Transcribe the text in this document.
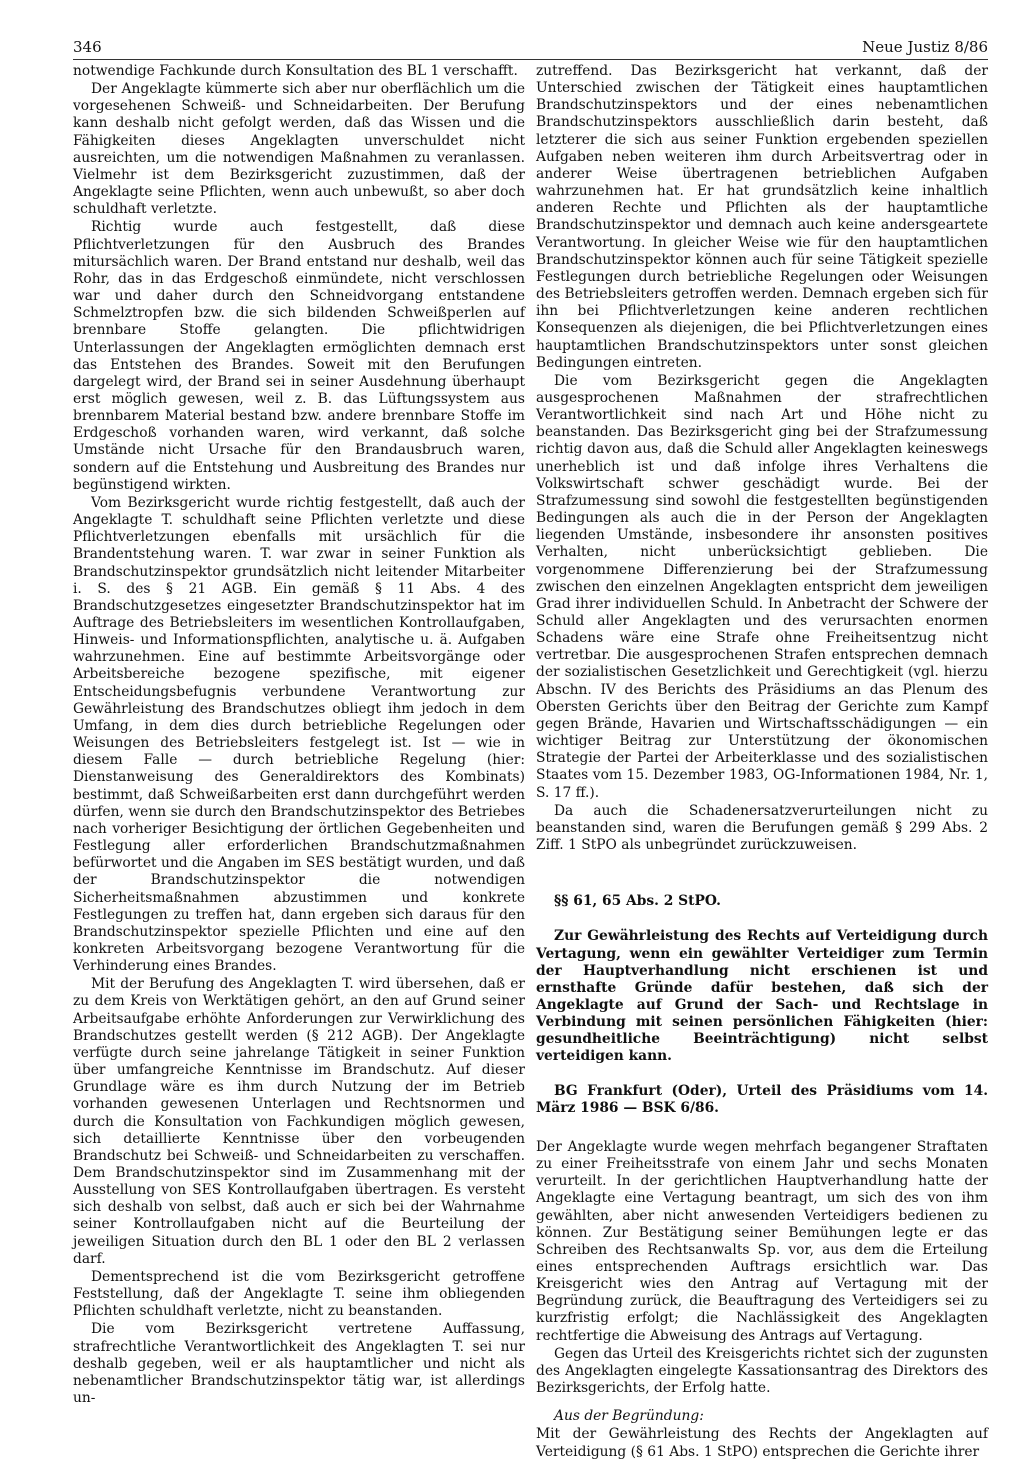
346	Neue Justiz 8/86

notwendige Fachkunde durch Konsultation des BL 1 verschafft.

Der Angeklagte kümmerte sich aber nur oberflächlich um die vorgesehenen Schweiß- und Schneidarbeiten. Der Berufung kann deshalb nicht gefolgt werden, daß das Wissen und die Fähigkeiten dieses Angeklagten unverschuldet nicht ausreichten, um die notwendigen Maßnahmen zu veranlassen. Vielmehr ist dem Bezirksgericht zuzustimmen, daß der Angeklagte seine Pflichten, wenn auch unbewußt, so aber doch schuldhaft verletzte.

Richtig wurde auch festgestellt, daß diese Pflichtverletzungen für den Ausbruch des Brandes mitursächlich waren. Der Brand entstand nur deshalb, weil das Rohr, das in das Erdgeschoß einmündete, nicht verschlossen war und daher durch den Schneidvorgang entstandene Schmelztropfen bzw. die sich bildenden Schweißperlen auf brennbare Stoffe gelangten. Die pflichtwidrigen Unterlassungen der Angeklagten ermöglichten demnach erst das Entstehen des Brandes. Soweit mit den Berufungen dargelegt wird, der Brand sei in seiner Ausdehnung überhaupt erst möglich gewesen, weil z. B. das Lüftungssystem aus brennbarem Material bestand bzw. andere brennbare Stoffe im Erdgeschoß vorhanden waren, wird verkannt, daß solche Umstände nicht Ursache für den Brandausbruch waren, sondern auf die Entstehung und Ausbreitung des Brandes nur begünstigend wirkten.

Vom Bezirksgericht wurde richtig festgestellt, daß auch der Angeklagte T. schuldhaft seine Pflichten verletzte und diese Pflichtverletzungen ebenfalls mit ursächlich für die Brandentstehung waren. T. war zwar in seiner Funktion als Brandschutzinspektor grundsätzlich nicht leitender Mitarbeiter i. S. des § 21 AGB. Ein gemäß § 11 Abs. 4 des Brandschutzgesetzes eingesetzter Brandschutzinspektor hat im Auftrage des Betriebsleiters im wesentlichen Kontrollaufgaben, Hinweis- und Informationspflichten, analytische u. ä. Aufgaben wahrzunehmen. Eine auf bestimmte Arbeitsvorgänge oder Arbeitsbereiche bezogene spezifische, mit eigener Entscheidungsbefugnis verbundene Verantwortung zur Gewährleistung des Brandschutzes obliegt ihm jedoch in dem Umfang, in dem dies durch betriebliche Regelungen oder Weisungen des Betriebsleiters festgelegt ist. Ist — wie in diesem Falle — durch betriebliche Regelung (hier: Dienstanweisung des Generaldirektors des Kombinats) bestimmt, daß Schweißarbeiten erst dann durchgeführt werden dürfen, wenn sie durch den Brandschutzinspektor des Betriebes nach vorheriger Besichtigung der örtlichen Gegebenheiten und Festlegung aller erforderlichen Brandschutzmaßnahmen befürwortet und die Angaben im SES bestätigt wurden, und daß der Brandschutzinspektor die notwendigen Sicherheitsmaßnahmen abzustimmen und konkrete Festlegungen zu treffen hat, dann ergeben sich daraus für den Brandschutzinspektor spezielle Pflichten und eine auf den konkreten Arbeitsvorgang bezogene Verantwortung für die Verhinderung eines Brandes.

Mit der Berufung des Angeklagten T. wird übersehen, daß er zu dem Kreis von Werktätigen gehört, an den auf Grund seiner Arbeitsaufgabe erhöhte Anforderungen zur Verwirklichung des Brandschutzes gestellt werden (§ 212 AGB). Der Angeklagte verfügte durch seine jahrelange Tätigkeit in seiner Funktion über umfangreiche Kenntnisse im Brandschutz. Auf dieser Grundlage wäre es ihm durch Nutzung der im Betrieb vorhanden gewesenen Unterlagen und Rechtsnormen und durch die Konsultation von Fachkundigen möglich gewesen, sich detaillierte Kenntnisse über den vorbeugenden Brandschutz bei Schweiß- und Schneidarbeiten zu verschaffen. Dem Brandschutzinspektor sind im Zusammenhang mit der Ausstellung von SES Kontrollaufgaben übertragen. Es versteht sich deshalb von selbst, daß auch er sich bei der Wahrnahme seiner Kontrollaufgaben nicht auf die Beurteilung der jeweiligen Situation durch den BL 1 oder den BL 2 verlassen darf.

Dementsprechend ist die vom Bezirksgericht getroffene Feststellung, daß der Angeklagte T. seine ihm obliegenden Pflichten schuldhaft verletzte, nicht zu beanstanden.

Die vom Bezirksgericht vertretene Auffassung, strafrechtliche Verantwortlichkeit des Angeklagten T. sei nur deshalb gegeben, weil er als hauptamtlicher und nicht als nebenamtlicher Brandschutzinspektor tätig war, ist allerdings un-

zutreffend. Das Bezirksgericht hat verkannt, daß der Unterschied zwischen der Tätigkeit eines hauptamtlichen Brandschutzinspektors und der eines nebenamtlichen Brandschutzinspektors ausschließlich darin besteht, daß letzterer die sich aus seiner Funktion ergebenden speziellen Aufgaben neben weiteren ihm durch Arbeitsvertrag oder in anderer Weise übertragenen betrieblichen Aufgaben wahrzunehmen hat. Er hat grundsätzlich keine inhaltlich anderen Rechte und Pflichten als der hauptamtliche Brandschutzinspektor und demnach auch keine andersgeartete Verantwortung. In gleicher Weise wie für den hauptamtlichen Brandschutzinspektor können auch für seine Tätigkeit spezielle Festlegungen durch betriebliche Regelungen oder Weisungen des Betriebsleiters getroffen werden. Demnach ergeben sich für ihn bei Pflichtverletzungen keine anderen rechtlichen Konsequenzen als diejenigen, die bei Pflichtverletzungen eines hauptamtlichen Brandschutzinspektors unter sonst gleichen Bedingungen eintreten.

Die vom Bezirksgericht gegen die Angeklagten ausgesprochenen Maßnahmen der strafrechtlichen Verantwortlichkeit sind nach Art und Höhe nicht zu beanstanden. Das Bezirksgericht ging bei der Strafzumessung richtig davon aus, daß die Schuld aller Angeklagten keineswegs unerheblich ist und daß infolge ihres Verhaltens die Volkswirtschaft schwer geschädigt wurde. Bei der Strafzumessung sind sowohl die festgestellten begünstigenden Bedingungen als auch die in der Person der Angeklagten liegenden Umstände, insbesondere ihr ansonsten positives Verhalten, nicht unberücksichtigt geblieben. Die vorgenommene Differenzierung bei der Strafzumessung zwischen den einzelnen Angeklagten entspricht dem jeweiligen Grad ihrer individuellen Schuld. In Anbetracht der Schwere der Schuld aller Angeklagten und des verursachten enormen Schadens wäre eine Strafe ohne Freiheitsentzug nicht vertretbar. Die ausgesprochenen Strafen entsprechen demnach der sozialistischen Gesetzlichkeit und Gerechtigkeit (vgl. hierzu Abschn. IV des Berichts des Präsidiums an das Plenum des Obersten Gerichts über den Beitrag der Gerichte zum Kampf gegen Brände, Havarien und Wirtschaftsschädigungen — ein wichtiger Beitrag zur Unterstützung der ökonomischen Strategie der Partei der Arbeiterklasse und des sozialistischen Staates vom 15. Dezember 1983, OG-Informationen 1984, Nr. 1, S. 17 ff.).

Da auch die Schadenersatzverurteilungen nicht zu beanstanden sind, waren die Berufungen gemäß § 299 Abs. 2 Ziff. 1 StPO als unbegründet zurückzuweisen.

§§ 61, 65 Abs. 2 StPO.

Zur Gewährleistung des Rechts auf Verteidigung durch Vertagung, wenn ein gewählter Verteidiger zum Termin der Hauptverhandlung nicht erschienen ist und ernsthafte Gründe dafür bestehen, daß sich der Angeklagte auf Grund der Sach- und Rechtslage in Verbindung mit seinen persönlichen Fähigkeiten (hier: gesundheitliche Beeinträchtigung) nicht selbst verteidigen kann.

BG Frankfurt (Oder), Urteil des Präsidiums vom 14. März 1986 — BSK 6/86.

Der Angeklagte wurde wegen mehrfach begangener Straftaten zu einer Freiheitsstrafe von einem Jahr und sechs Monaten verurteilt. In der gerichtlichen Hauptverhandlung hatte der Angeklagte eine Vertagung beantragt, um sich des von ihm gewählten, aber nicht anwesenden Verteidigers bedienen zu können. Zur Bestätigung seiner Bemühungen legte er das Schreiben des Rechtsanwalts Sp. vor, aus dem die Erteilung eines entsprechenden Auftrags ersichtlich war. Das Kreisgericht wies den Antrag auf Vertagung mit der Begründung zurück, die Beauftragung des Verteidigers sei zu kurzfristig erfolgt; die Nachlässigkeit des Angeklagten rechtfertige die Abweisung des Antrags auf Vertagung.

Gegen das Urteil des Kreisgerichts richtet sich der zugunsten des Angeklagten eingelegte Kassationsantrag des Direktors des Bezirksgerichts, der Erfolg hatte.

Aus der Begründung:

Mit der Gewährleistung des Rechts der Angeklagten auf Verteidigung (§ 61 Abs. 1 StPO) entsprechen die Gerichte ihrer
